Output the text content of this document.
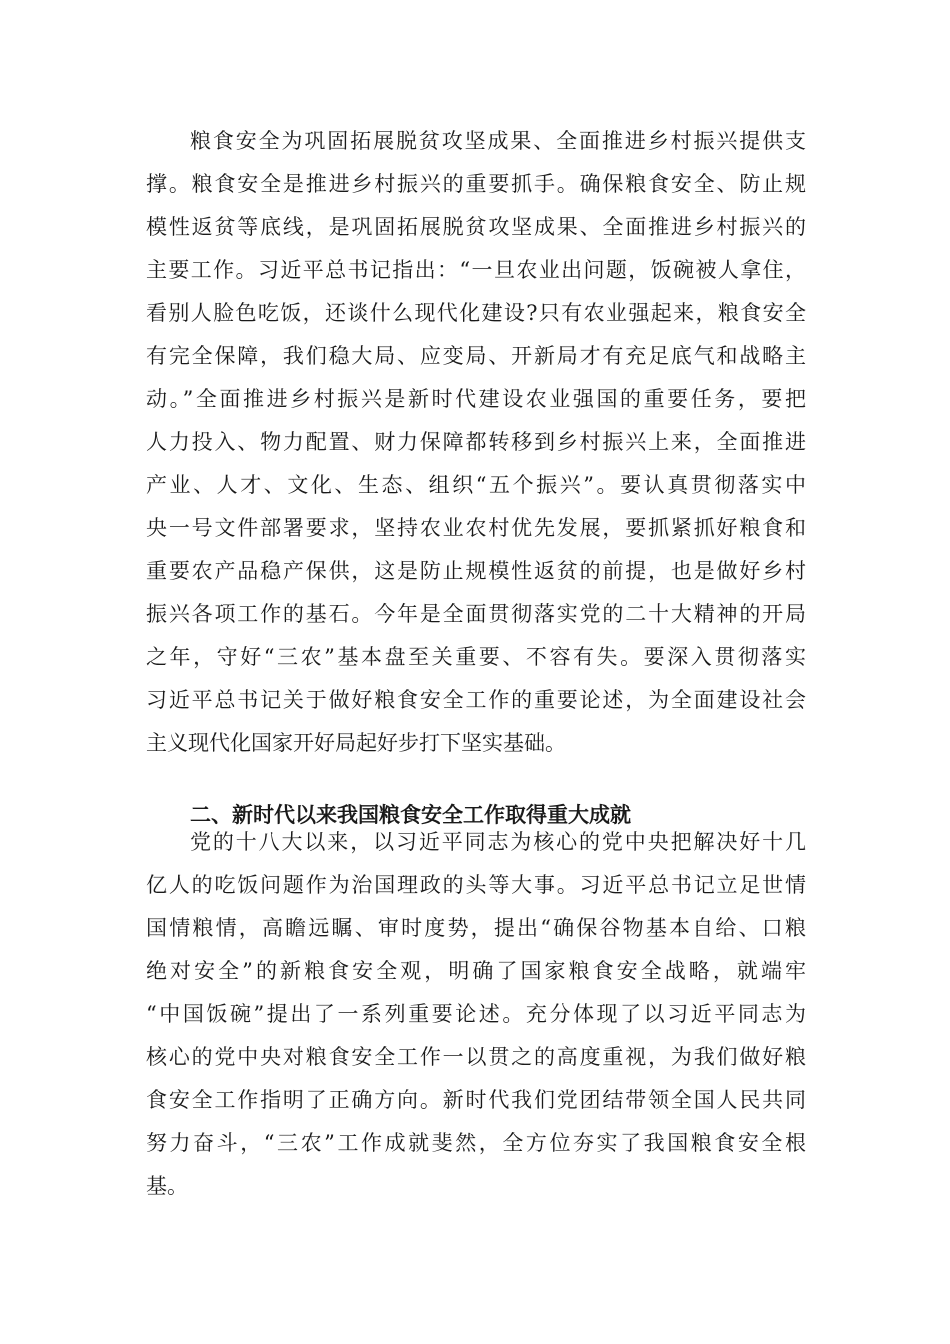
粮食安全为巩固拓展脱贫攻坚成果、全面推进乡村振兴提供支
撑。粮食安全是推进乡村振兴的重要抓手。确保粮食安全、防止规
模性返贫等底线，是巩固拓展脱贫攻坚成果、全面推进乡村振兴的
主要工作。习近平总书记指出：“一旦农业出问题，饭碗被人拿住，
看别人脸色吃饭，还谈什么现代化建设?只有农业强起来，粮食安全
有完全保障，我们稳大局、应变局、开新局才有充足底气和战略主
动。”全面推进乡村振兴是新时代建设农业强国的重要任务，要把
人力投入、物力配置、财力保障都转移到乡村振兴上来，全面推进
产业、人才、文化、生态、组织“五个振兴”。要认真贯彻落实中
央一号文件部署要求，坚持农业农村优先发展，要抓紧抓好粮食和
重要农产品稳产保供，这是防止规模性返贫的前提，也是做好乡村
振兴各项工作的基石。今年是全面贯彻落实党的二十大精神的开局
之年，守好“三农”基本盘至关重要、不容有失。要深入贯彻落实
习近平总书记关于做好粮食安全工作的重要论述，为全面建设社会
主义现代化国家开好局起好步打下坚实基础。
二、新时代以来我国粮食安全工作取得重大成就
党的十八大以来，以习近平同志为核心的党中央把解决好十几
亿人的吃饭问题作为治国理政的头等大事。习近平总书记立足世情
国情粮情，高瞻远瞩、审时度势，提出“确保谷物基本自给、口粮
绝对安全”的新粮食安全观，明确了国家粮食安全战略，就端牢
“中国饭碗”提出了一系列重要论述。充分体现了以习近平同志为
核心的党中央对粮食安全工作一以贯之的高度重视，为我们做好粮
食安全工作指明了正确方向。新时代我们党团结带领全国人民共同
努力奋斗，“三农”工作成就斐然，全方位夯实了我国粮食安全根
基。
